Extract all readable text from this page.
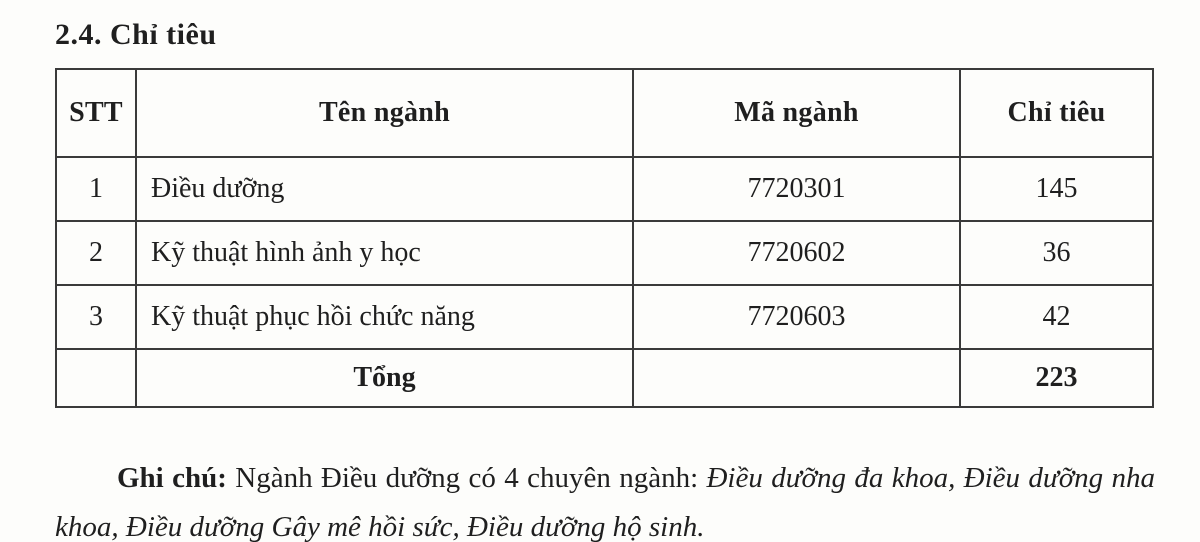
2.4. Chỉ tiêu
STT	Tên ngành	Mã ngành	Chỉ tiêu
1	Điều dưỡng	7720301	145
2	Kỹ thuật hình ảnh y học	7720602	36
3	Kỹ thuật phục hồi chức năng	7720603	42
	Tổng		223

Ghi chú: Ngành Điều dưỡng có 4 chuyên ngành: Điều dưỡng đa khoa, Điều dưỡng nha khoa, Điều dưỡng Gây mê hồi sức, Điều dưỡng hộ sinh.
